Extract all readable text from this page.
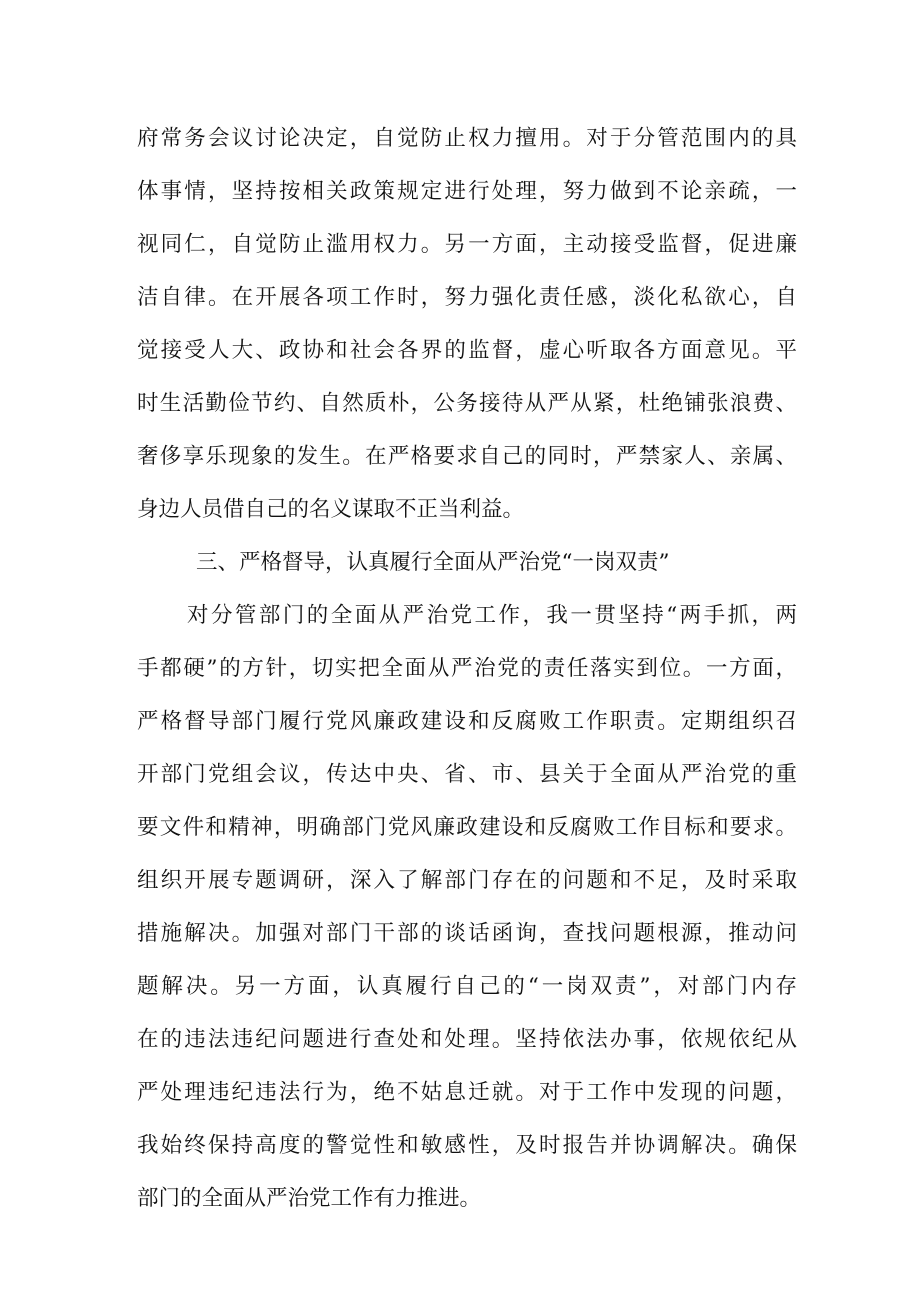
府常务会议讨论决定，自觉防止权力擅用。对于分管范围内的具
体事情，坚持按相关政策规定进行处理，努力做到不论亲疏，一
视同仁，自觉防止滥用权力。另一方面，主动接受监督，促进廉
洁自律。在开展各项工作时，努力强化责任感，淡化私欲心，自
觉接受人大、政协和社会各界的监督，虚心听取各方面意见。平
时生活勤俭节约、自然质朴，公务接待从严从紧，杜绝铺张浪费、
奢侈享乐现象的发生。在严格要求自己的同时，严禁家人、亲属、
身边人员借自己的名义谋取不正当利益。
三、严格督导，认真履行全面从严治党“一岗双责”
对分管部门的全面从严治党工作，我一贯坚持“两手抓，两
手都硬”的方针，切实把全面从严治党的责任落实到位。一方面，
严格督导部门履行党风廉政建设和反腐败工作职责。定期组织召
开部门党组会议，传达中央、省、市、县关于全面从严治党的重
要文件和精神，明确部门党风廉政建设和反腐败工作目标和要求。
组织开展专题调研，深入了解部门存在的问题和不足，及时采取
措施解决。加强对部门干部的谈话函询，查找问题根源，推动问
题解决。另一方面，认真履行自己的“一岗双责”，对部门内存
在的违法违纪问题进行查处和处理。坚持依法办事，依规依纪从
严处理违纪违法行为，绝不姑息迁就。对于工作中发现的问题，
我始终保持高度的警觉性和敏感性，及时报告并协调解决。确保
部门的全面从严治党工作有力推进。
